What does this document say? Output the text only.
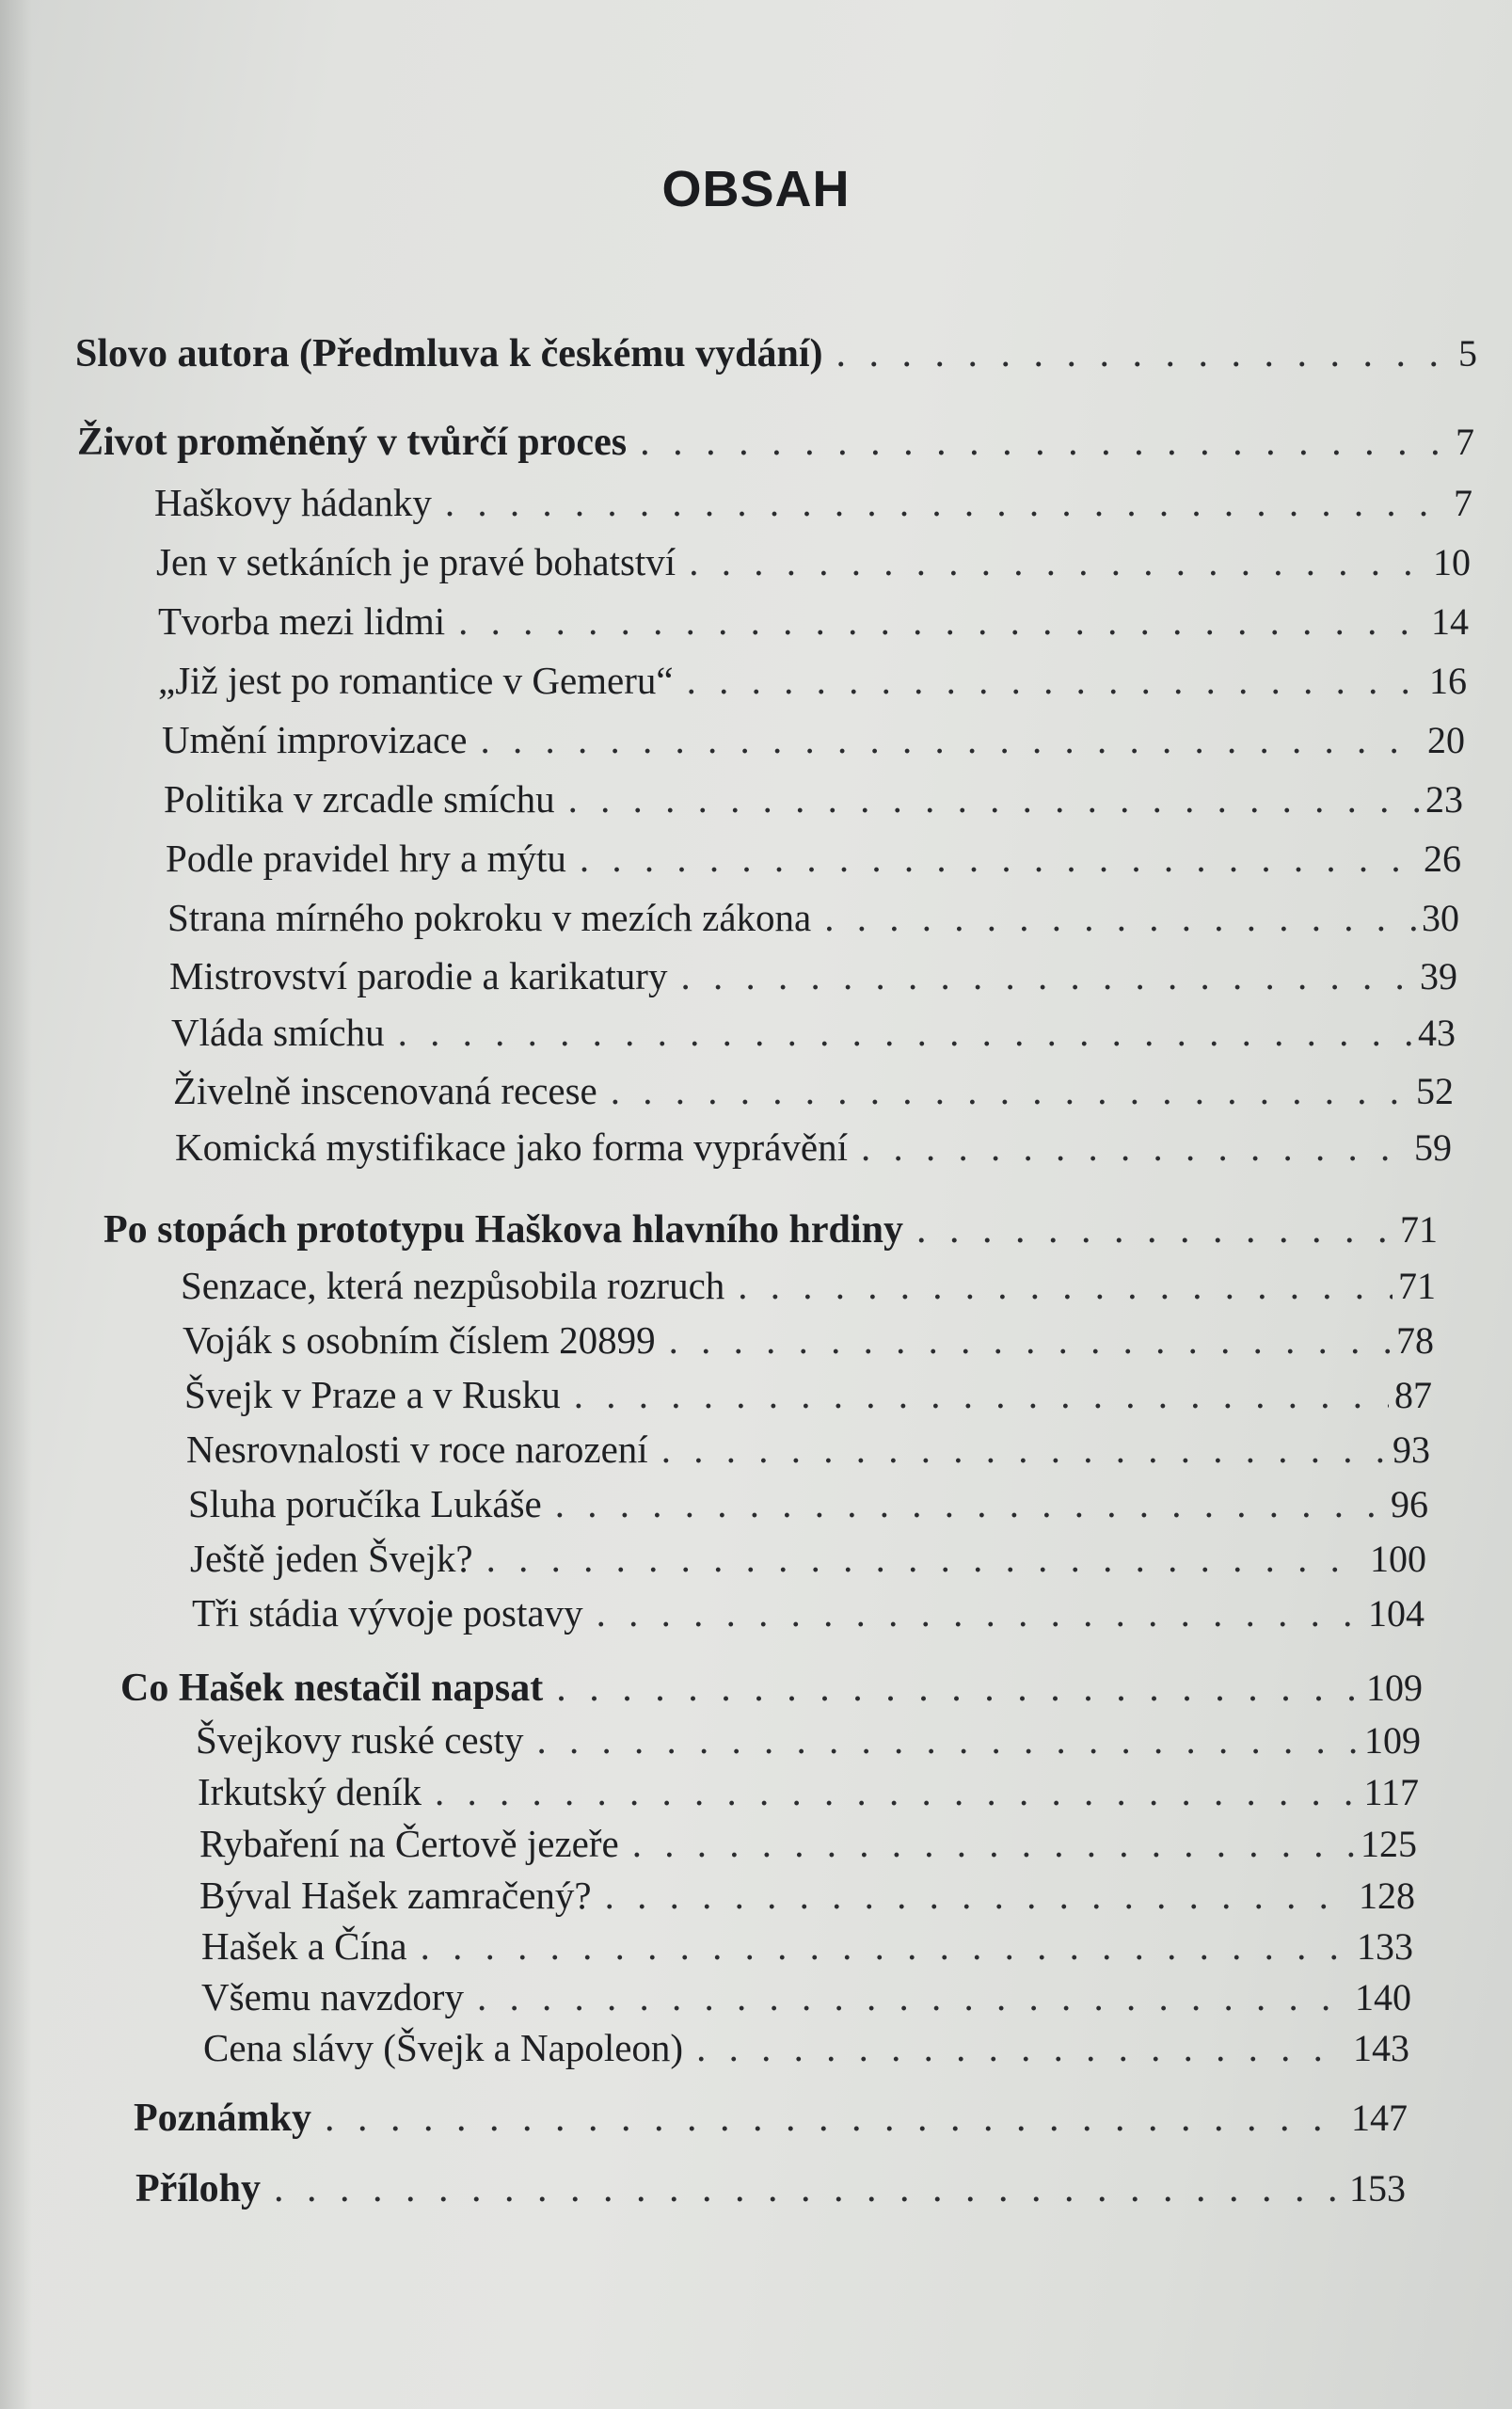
OBSAH
Slovo autora (Předmluva k českému vydání) . . .	5
Život proměněný v tvůrčí proces . . .	7
Haškovy hádanky . . .	7
Jen v setkáních je pravé bohatství . . .	10
Tvorba mezi lidmi . . .	14
„Již jest po romantice v Gemeru“ . . .	16
Umění improvizace . . .	20
Politika v zrcadle smíchu . . .	23
Podle pravidel hry a mýtu . . .	26
Strana mírného pokroku v mezích zákona . . .	30
Mistrovství parodie a karikatury . . .	39
Vláda smíchu . . .	43
Živelně inscenovaná recese . . .	52
Komická mystifikace jako forma vyprávění . . .	59
Po stopách prototypu Haškova hlavního hrdiny . . .	71
Senzace, která nezpůsobila rozruch . . .	71
Voják s osobním číslem 20899 . . .	78
Švejk v Praze a v Rusku . . .	87
Nesrovnalosti v roce narození . . .	93
Sluha poručíka Lukáše . . .	96
Ještě jeden Švejk? . . .	100
Tři stádia vývoje postavy . . .	104
Co Hašek nestačil napsat . . .	109
Švejkovy ruské cesty . . .	109
Irkutský deník . . .	117
Rybaření na Čertově jezeře . . .	125
Býval Hašek zamračený? . . .	128
Hašek a Čína . . .	133
Všemu navzdory . . .	140
Cena slávy (Švejk a Napoleon) . . .	143
Poznámky . . .	147
Přílohy . . .	153
